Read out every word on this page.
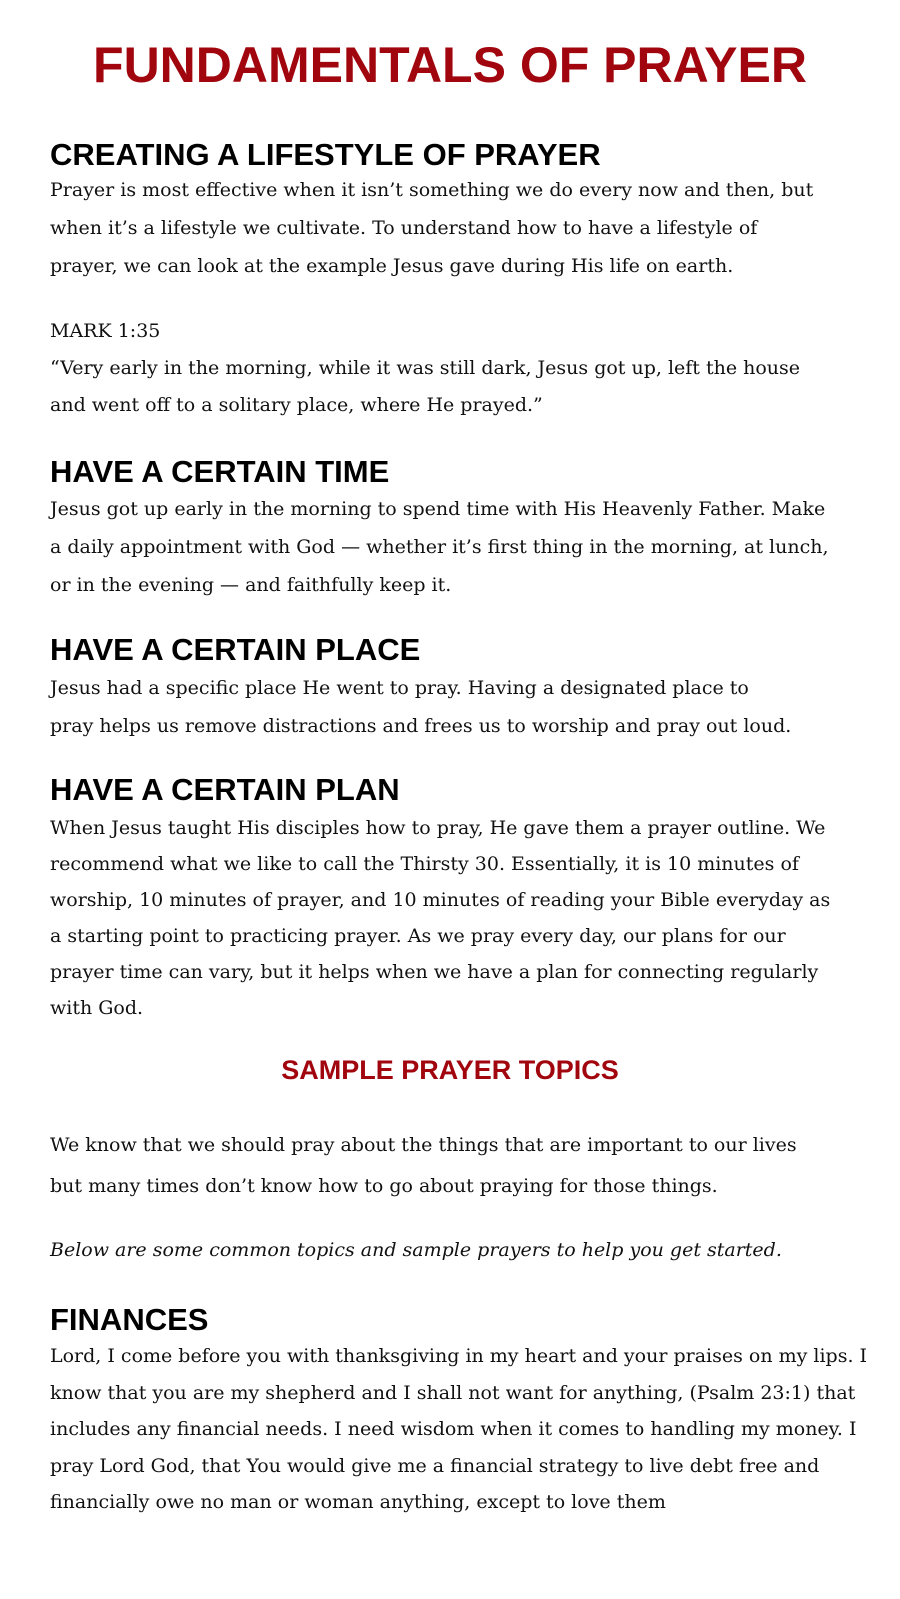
FUNDAMENTALS OF PRAYER
CREATING A LIFESTYLE OF PRAYER
Prayer is most effective when it isn’t something we do every now and then, but
when it’s a lifestyle we cultivate. To understand how to have a lifestyle of
prayer, we can look at the example Jesus gave during His life on earth.
MARK 1:35
“Very early in the morning, while it was still dark, Jesus got up, left the house
and went off to a solitary place, where He prayed.”
HAVE A CERTAIN TIME
Jesus got up early in the morning to spend time with His Heavenly Father. Make
a daily appointment with God — whether it’s first thing in the morning, at lunch,
or in the evening — and faithfully keep it.
HAVE A CERTAIN PLACE
Jesus had a specific place He went to pray. Having a designated place to
pray helps us remove distractions and frees us to worship and pray out loud.
HAVE A CERTAIN PLAN
When Jesus taught His disciples how to pray, He gave them a prayer outline. We
recommend what we like to call the Thirsty 30. Essentially, it is 10 minutes of
worship, 10 minutes of prayer, and 10 minutes of reading your Bible everyday as
a starting point to practicing prayer. As we pray every day, our plans for our
prayer time can vary, but it helps when we have a plan for connecting regularly
with God.
SAMPLE PRAYER TOPICS
We know that we should pray about the things that are important to our lives
but many times don’t know how to go about praying for those things.
Below are some common topics and sample prayers to help you get started.
FINANCES
Lord, I come before you with thanksgiving in my heart and your praises on my lips. I
know that you are my shepherd and I shall not want for anything, (Psalm 23:1) that
includes any financial needs. I need wisdom when it comes to handling my money. I
pray Lord God, that You would give me a financial strategy to live debt free and
financially owe no man or woman anything, except to love them
